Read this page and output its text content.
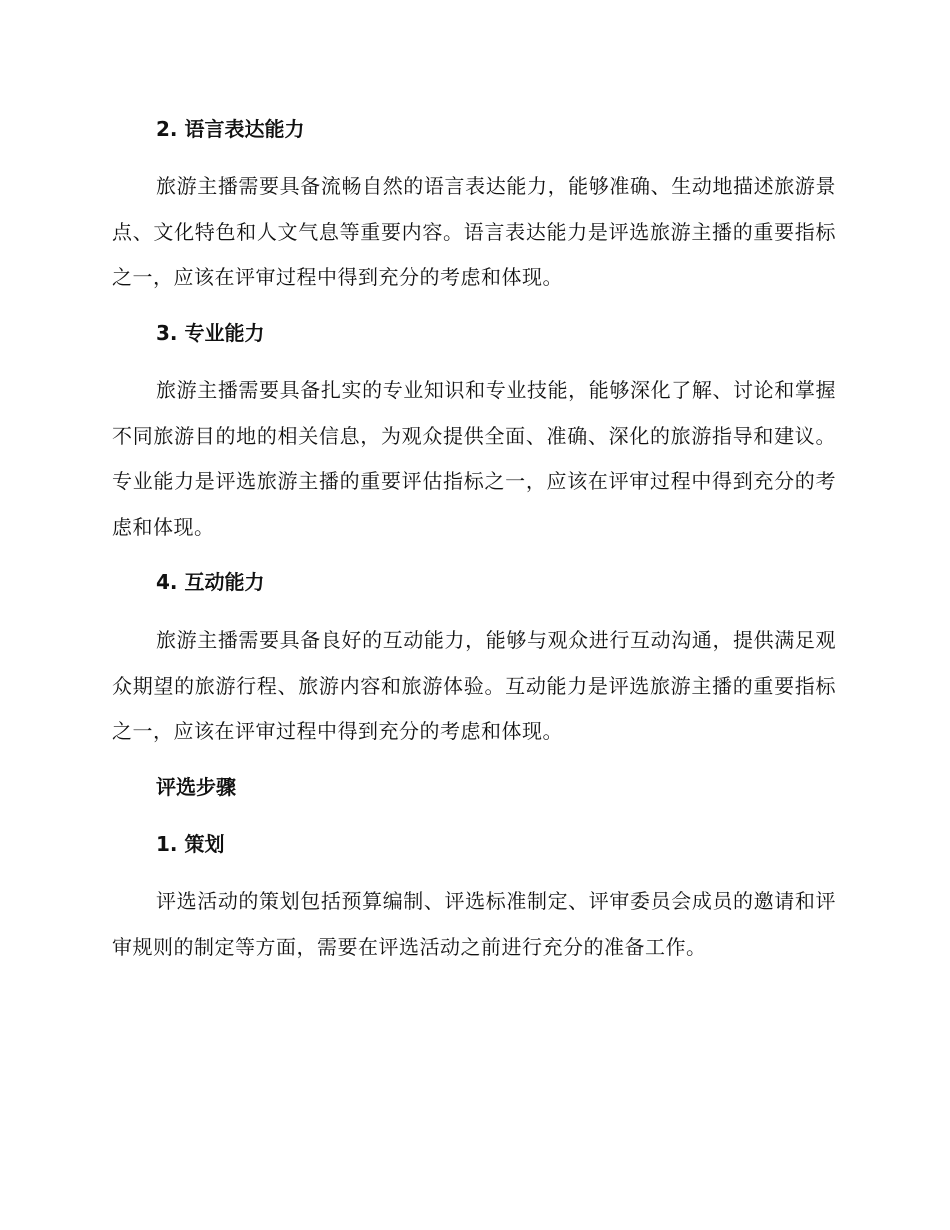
2. 语言表达能力
旅游主播需要具备流畅自然的语言表达能力，能够准确、生动地描述旅游景点、文化特色和人文气息等重要内容。语言表达能力是评选旅游主播的重要指标之一，应该在评审过程中得到充分的考虑和体现。
3. 专业能力
旅游主播需要具备扎实的专业知识和专业技能，能够深化了解、讨论和掌握不同旅游目的地的相关信息，为观众提供全面、准确、深化的旅游指导和建议。专业能力是评选旅游主播的重要评估指标之一，应该在评审过程中得到充分的考虑和体现。
4. 互动能力
旅游主播需要具备良好的互动能力，能够与观众进行互动沟通，提供满足观众期望的旅游行程、旅游内容和旅游体验。互动能力是评选旅游主播的重要指标之一，应该在评审过程中得到充分的考虑和体现。
评选步骤
1. 策划
评选活动的策划包括预算编制、评选标准制定、评审委员会成员的邀请和评审规则的制定等方面，需要在评选活动之前进行充分的准备工作。
